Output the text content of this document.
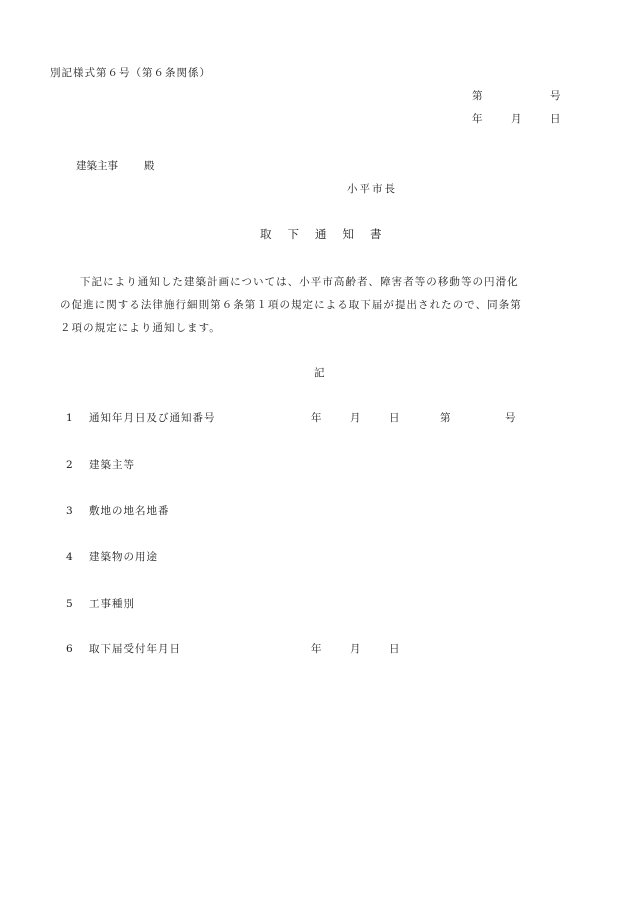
別記様式第６号（第６条関係）
第	号
年	月	日
建築主事 殿
小平市長
取 下 通 知 書
下記により通知した建築計画については、小平市高齢者、障害者等の移動等の円滑化
の促進に関する法律施行細則第６条第１項の規定による取下届が提出されたので、同条第
２項の規定により通知します。
記
1 通知年月日及び通知番号	年	月	日	第	号
2 建築主等
3 敷地の地名地番
4 建築物の用途
5 工事種別
6 取下届受付年月日	年	月	日
